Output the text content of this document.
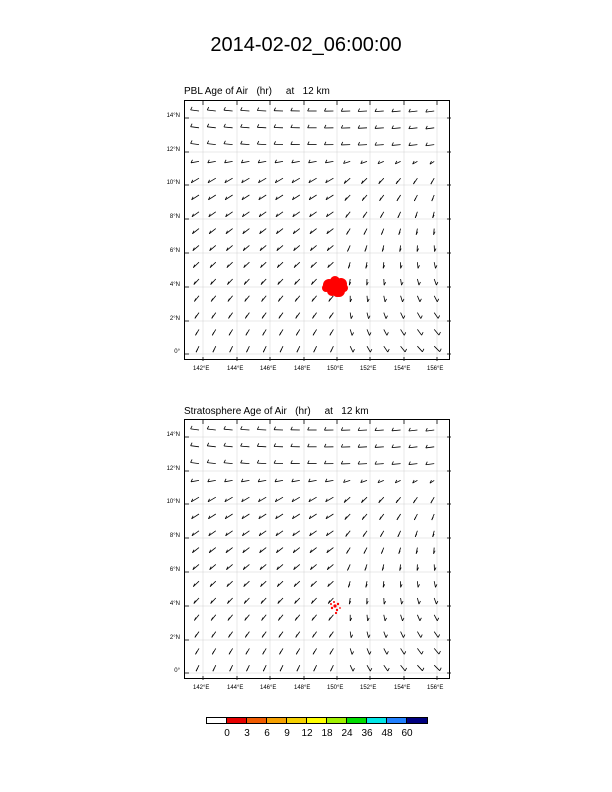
2014-02-02_06:00:00

PBL Age of Air   (hr)     at   12 km

Stratosphere Age of Air   (hr)     at   12 km

142°E	144°E	146°E	148°E	150°E	152°E	154°E	156°E
0°
2°N
4°N
6°N
8°N
10°N
12°N
14°N
142°E	144°E	146°E	148°E	150°E	152°E	154°E	156°E
0°
2°N
4°N
6°N
8°N
10°N
12°N
14°N
0 3 6 9 12 18 24 36 48 60
